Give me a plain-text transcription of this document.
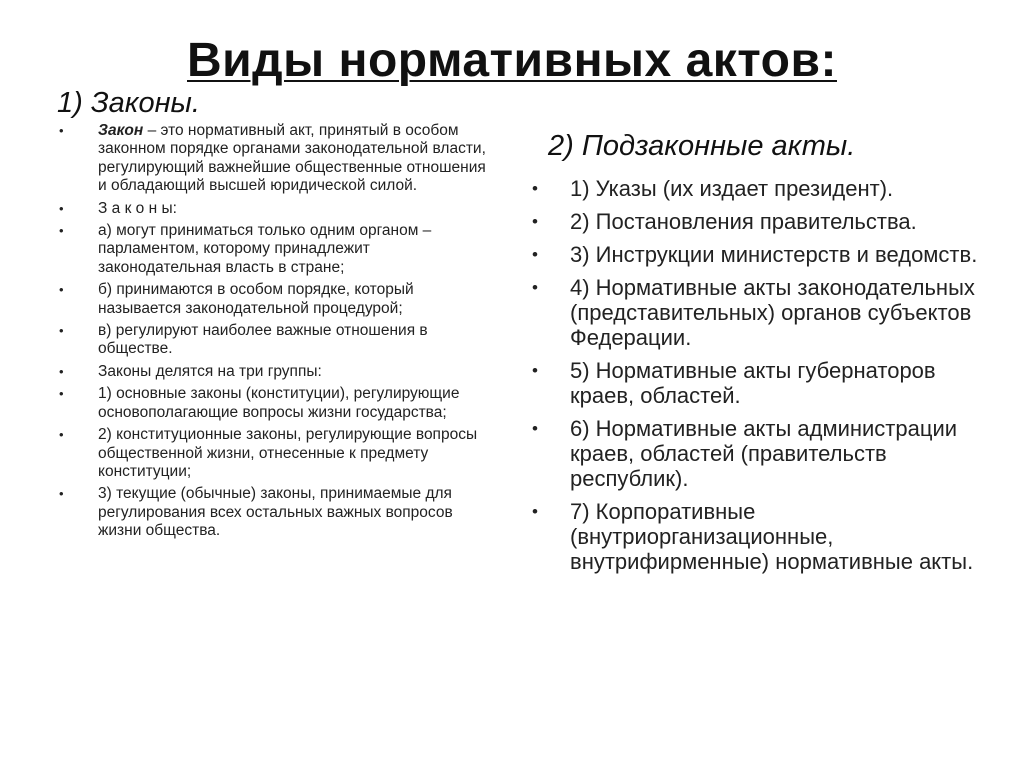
Виды нормативных актов:
1) Законы.
• Закон – это нормативный акт, принятый в особом законном порядке органами законодательной власти, регулирующий важнейшие общественные отношения и обладающий высшей юридической силой.
• З а к о н ы:
• а) могут приниматься только одним органом – парламентом, которому принадлежит законодательная власть в стране;
• б) принимаются в особом порядке, который называется законодательной процедурой;
• в) регулируют наиболее важные отношения в обществе.
• Законы делятся на три группы:
• 1) основные законы (конституции), регулирующие основополагающие вопросы жизни государства;
• 2) конституционные законы, регулирующие вопросы общественной жизни, отнесенные к предмету конституции;
• 3) текущие (обычные) законы, принимаемые для регулирования всех остальных важных вопросов жизни общества.
2) Подзаконные акты.
• 1) Указы (их издает президент).
• 2) Постановления правительства.
• 3) Инструкции министерств и ведомств.
• 4) Нормативные акты законодательных (представительных) органов субъектов Федерации.
• 5) Нормативные акты губернаторов краев, областей.
• 6) Нормативные акты администрации краев, областей (правительств республик).
• 7) Корпоративные (внутриорганизационные, внутрифирменные) нормативные акты.
